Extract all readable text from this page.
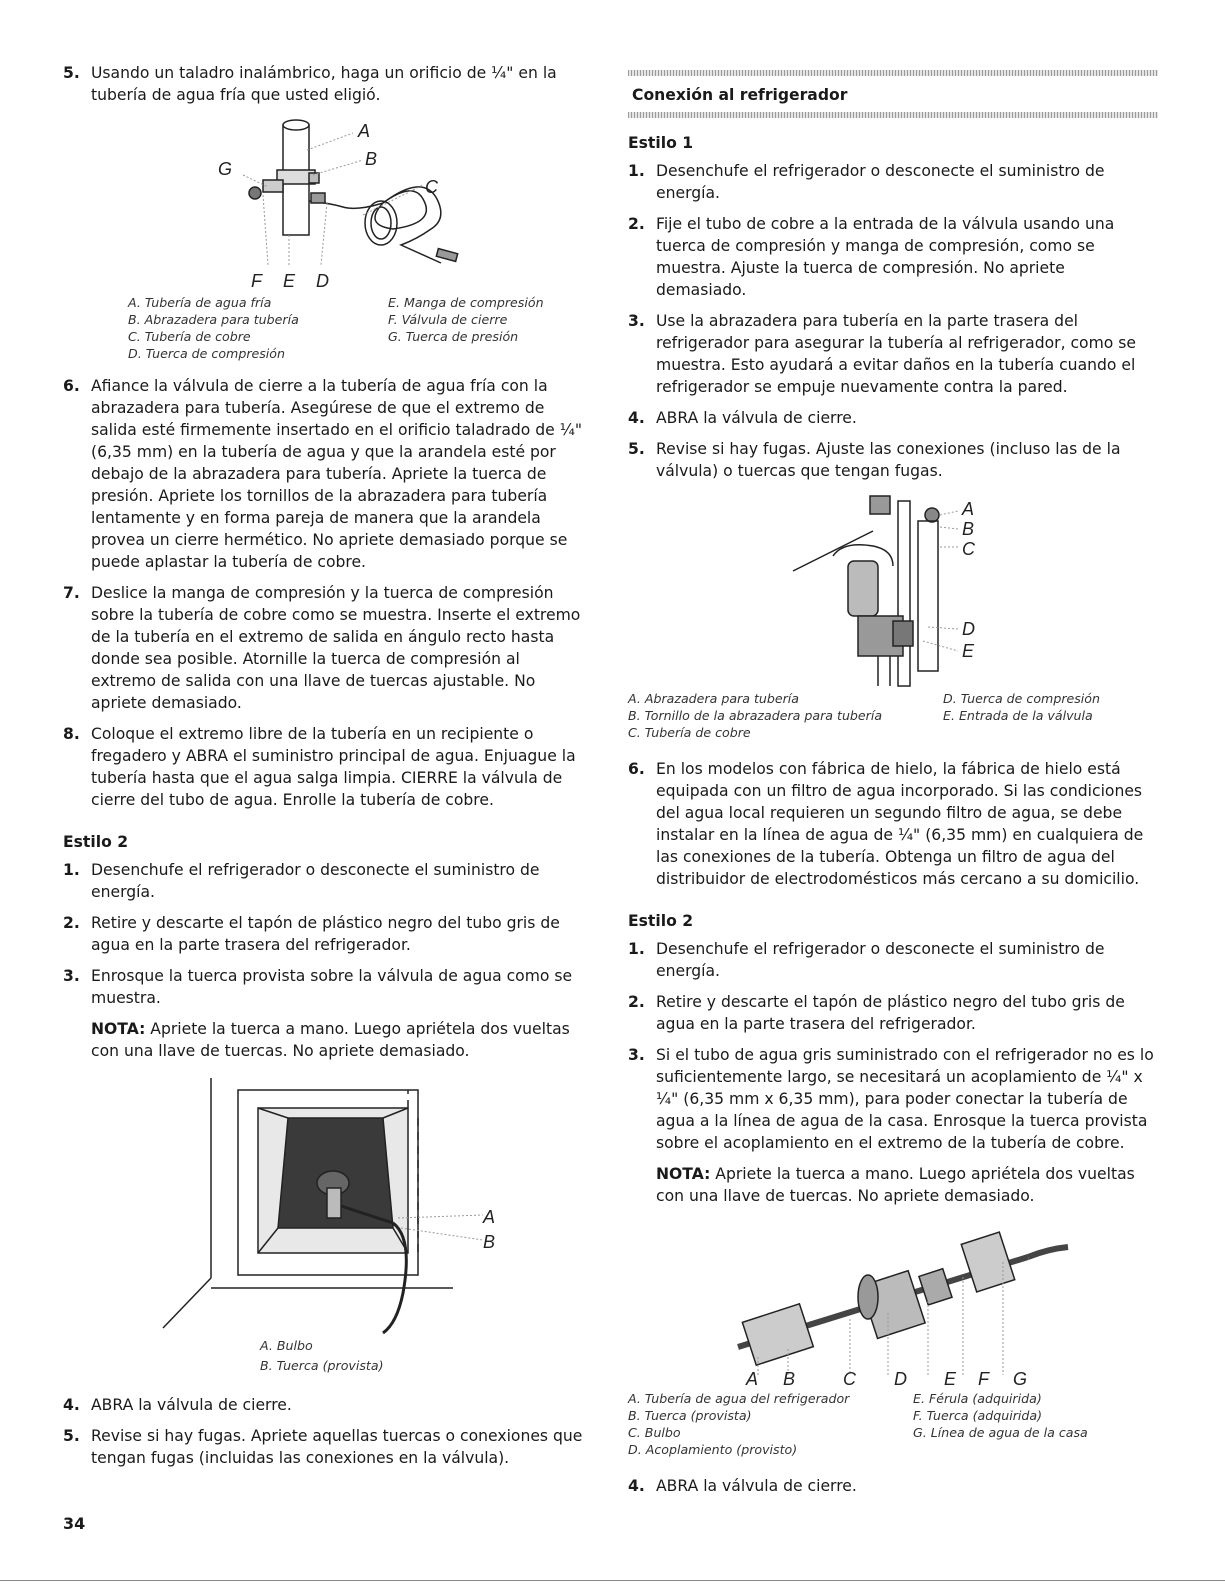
5. Usando un taladro inalámbrico, haga un orificio de ¼" en la tubería de agua fría que usted eligió.
A
B
C
G
F E D
A. Tubería de agua fría	E. Manga de compresión
B. Abrazadera para tubería	F. Válvula de cierre
C. Tubería de cobre	G. Tuerca de presión
D. Tuerca de compresión
6. Afiance la válvula de cierre a la tubería de agua fría con la abrazadera para tubería. Asegúrese de que el extremo de salida esté firmemente insertado en el orificio taladrado de ¼" (6,35 mm) en la tubería de agua y que la arandela esté por debajo de la abrazadera para tubería. Apriete la tuerca de presión. Apriete los tornillos de la abrazadera para tubería lentamente y en forma pareja de manera que la arandela provea un cierre hermético. No apriete demasiado porque se puede aplastar la tubería de cobre.
7. Deslice la manga de compresión y la tuerca de compresión sobre la tubería de cobre como se muestra. Inserte el extremo de la tubería en el extremo de salida en ángulo recto hasta donde sea posible. Atornille la tuerca de compresión al extremo de salida con una llave de tuercas ajustable. No apriete demasiado.
8. Coloque el extremo libre de la tubería en un recipiente o fregadero y ABRA el suministro principal de agua. Enjuague la tubería hasta que el agua salga limpia. CIERRE la válvula de cierre del tubo de agua. Enrolle la tubería de cobre.
Estilo 2
1. Desenchufe el refrigerador o desconecte el suministro de energía.
2. Retire y descarte el tapón de plástico negro del tubo gris de agua en la parte trasera del refrigerador.
3. Enrosque la tuerca provista sobre la válvula de agua como se muestra.

NOTA: Apriete la tuerca a mano. Luego apriétela dos vueltas con una llave de tuercas. No apriete demasiado.

A
B
A. Bulbo
B. Tuerca (provista)
4. ABRA la válvula de cierre.
5. Revise si hay fugas. Apriete aquellas tuercas o conexiones que tengan fugas (incluidas las conexiones en la válvula).
Conexión al refrigerador
Estilo 1
1. Desenchufe el refrigerador o desconecte el suministro de energía.
2. Fije el tubo de cobre a la entrada de la válvula usando una tuerca de compresión y manga de compresión, como se muestra. Ajuste la tuerca de compresión. No apriete demasiado.
3. Use la abrazadera para tubería en la parte trasera del refrigerador para asegurar la tubería al refrigerador, como se muestra. Esto ayudará a evitar daños en la tubería cuando el refrigerador se empuje nuevamente contra la pared.
4. ABRA la válvula de cierre.
5. Revise si hay fugas. Ajuste las conexiones (incluso las de la válvula) o tuercas que tengan fugas.
A
B
C
D
E
A. Abrazadera para tubería	D. Tuerca de compresión
B. Tornillo de la abrazadera para tubería	E. Entrada de la válvula
C. Tubería de cobre
6. En los modelos con fábrica de hielo, la fábrica de hielo está equipada con un filtro de agua incorporado. Si las condiciones del agua local requieren un segundo filtro de agua, se debe instalar en la línea de agua de ¼" (6,35 mm) en cualquiera de las conexiones de la tubería. Obtenga un filtro de agua del distribuidor de electrodomésticos más cercano a su domicilio.
Estilo 2
1. Desenchufe el refrigerador o desconecte el suministro de energía.
2. Retire y descarte el tapón de plástico negro del tubo gris de agua en la parte trasera del refrigerador.
3. Si el tubo de agua gris suministrado con el refrigerador no es lo suficientemente largo, se necesitará un acoplamiento de ¼" x ¼" (6,35 mm x 6,35 mm), para poder conectar la tubería de agua a la línea de agua de la casa. Enrosque la tuerca provista sobre el acoplamiento en el extremo de la tubería de cobre.

NOTA: Apriete la tuerca a mano. Luego apriétela dos vueltas con una llave de tuercas. No apriete demasiado.

A B	C D E F G
A. Tubería de agua del refrigerador	E. Férula (adquirida)
B. Tuerca (provista)	F. Tuerca (adquirida)
C. Bulbo	G. Línea de agua de la casa
D. Acoplamiento (provisto)
4. ABRA la válvula de cierre.
34
